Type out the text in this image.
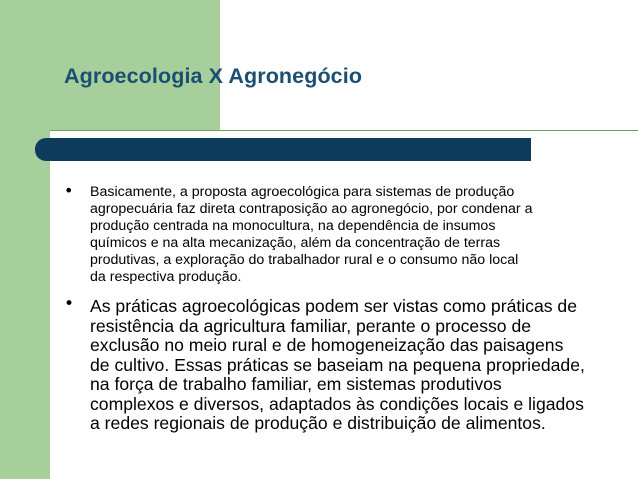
Agroecologia X Agronegócio
• Basicamente, a proposta agroecológica para sistemas de produção
agropecuária faz direta contraposição ao agronegócio, por condenar a
produção centrada na monocultura, na dependência de insumos
químicos e na alta mecanização, além da concentração de terras
produtivas, a exploração do trabalhador rural e o consumo não local
da respectiva produção.

• As práticas agroecológicas podem ser vistas como práticas de
resistência da agricultura familiar, perante o processo de
exclusão no meio rural e de homogeneização das paisagens
de cultivo. Essas práticas se baseiam na pequena propriedade,
na força de trabalho familiar, em sistemas produtivos
complexos e diversos, adaptados às condições locais e ligados
a redes regionais de produção e distribuição de alimentos.
